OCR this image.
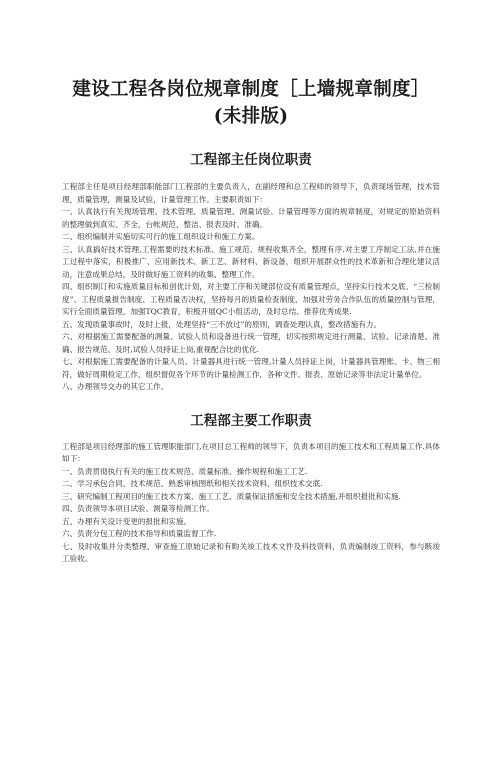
建设工程各岗位规章制度［上墙规章制度］
(未排版)
工程部主任岗位职责

工程部主任是项目经理部职能部门工程部的主要负责人，在副经理和总工程师的领导下，负责现场管理，技术管理，质量管理，测量及试验，计量管理工作。主要职责如下：

一、认真执行有关现场管理、技术管理、质量管理、测量试验、计量管理等方面的规章制度，对规定的原始资料的整理做到真实、齐全，台帐规范、整洁、报表及时、准确。

二、组织编制并实施切实可行的施工组织设计和施工方案。

三、认真搞好技术管理,工程需要的技术标准、施工规范、规程收集齐全，整理有序.对主要工序制定工法,并在施工过程中落实，积极推广、应用新技术、新工艺、新材料、新设备，组织开展群众性的技术革新和合理化建议活动，注意成果总结，及时做好施工资料的收集、整理工作。

四、组织制订和实施质量目标和创优计划，对主要工序和关键部位设有质量管理点，坚持实行技术交底、“三检制度”、工程质量报告制度、工程质量否决权，坚持每月的质量检查制度，加强对劳务合作队伍的质量控制与管理，实行全面质量管理，加强TQC教育，积极开展QC小组活动，及时总结、推荐优秀成果.

五、发现质量事故时，及时上报，处理坚持“三不放过”的原则，调查处理认真，整改措施有力。

六、对根据施工需要配备的测量、试验人员和设备进行统一管理，切实按照规定进行测量、试验、记录清楚、准确、报告规范、及时,试验人员持证上岗,重视配合比的优化.

七、对根据施工需要配备的计量人员、计量器具进行统一管理,计量人员持证上岗，计量器具管理账、卡、物三相符，做好周期检定工作，组织督促各个环节的计量检测工作，各种文件、报表、原始记录等非法定计量单位。

八、办理领导交办的其它工作。

工程部主要工作职责

工程部是项目经理部的施工管理职能部门,在项目总工程师的领导下，负责本项目的施工技术和工程质量工作.具体如下：

一、负责贯彻执行有关的施工技术规范、质量标准、操作规程和施工工艺.

二、学习承包合同、技术规范、熟悉审核图纸和相关技术资料、组织技术交底.

三、研究编制工程项目的施工技术方案、施工工艺、质量保证措施和安全技术措施,并组织报批和实施.

四、负责领导本项目试验、测量等检测工作。

五、办理有关设计变更的报批和实施。

六、负责分包工程的技术指导和质量监督工作.

七、及时收集并分类整理、审查施工原始记录和有畇关竣工技术文件及科技资料，负责编制竣工资料，参与畡竣工验收。
